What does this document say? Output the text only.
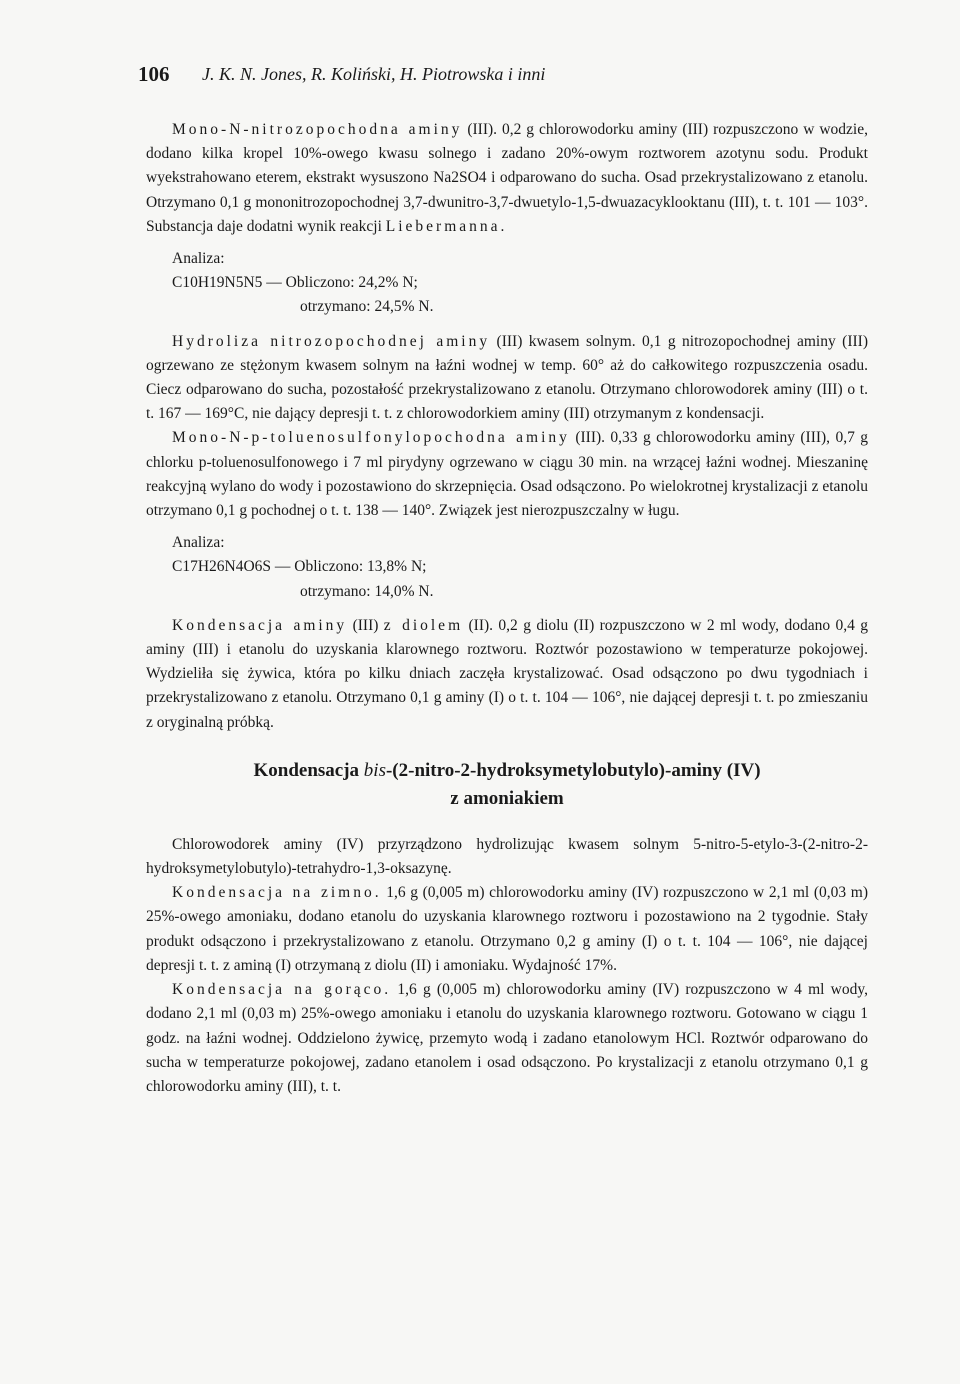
106 J. K. N. Jones, R. Koliński, H. Piotrowska i inni

Mono-N-nitrozopochodna aminy (III). 0,2 g chlorowodorku aminy (III) rozpuszczono w wodzie, dodano kilka kropel 10%-owego kwasu solnego i zadano 20%-owym roztworem azotynu sodu. Produkt wyekstrahowano eterem, ekstrakt wysuszono Na2SO4 i odparowano do sucha. Osad przekrystalizowano z etanolu. Otrzymano 0,1 g mononitrozopochodnej 3,7-dwunitro-3,7-dwuetylo-1,5-dwuazacyklooktanu (III), t. t. 101 — 103°. Substancja daje dodatni wynik reakcji Liebermanna.

Analiza:
C10H19N5N5 — Obliczono: 24,2% N;
otrzymano: 24,5% N.

Hydroliza nitrozopochodnej aminy (III) kwasem solnym. 0,1 g nitrozopochodnej aminy (III) ogrzewano ze stężonym kwasem solnym na łaźni wodnej w temp. 60° aż do całkowitego rozpuszczenia osadu. Ciecz odparowano do sucha, pozostałość przekrystalizowano z etanolu. Otrzymano chlorowodorek aminy (III) o t. t. 167 — 169°C, nie dający depresji t. t. z chlorowodorkiem aminy (III) otrzymanym z kondensacji.

Mono-N-p-toluenosulfonylopochodna aminy (III). 0,33 g chlorowodorku aminy (III), 0,7 g chlorku p-toluenosulfonowego i 7 ml pirydyny ogrzewano w ciągu 30 min. na wrzącej łaźni wodnej. Mieszaninę reakcyjną wylano do wody i pozostawiono do skrzepnięcia. Osad odsączono. Po wielokrotnej krystalizacji z etanolu otrzymano 0,1 g pochodnej o t. t. 138 — 140°. Związek jest nierozpuszczalny w ługu.

Analiza:
C17H26N4O6S — Obliczono: 13,8% N;
otrzymano: 14,0% N.

Kondensacja aminy (III) z diolem (II). 0,2 g diolu (II) rozpuszczono w 2 ml wody, dodano 0,4 g aminy (III) i etanolu do uzyskania klarownego roztworu. Roztwór pozostawiono w temperaturze pokojowej. Wydzieliła się żywica, która po kilku dniach zaczęła krystalizować. Osad odsączono po dwu tygodniach i przekrystalizowano z etanolu. Otrzymano 0,1 g aminy (I) o t. t. 104 — 106°, nie dającej depresji t. t. po zmieszaniu z oryginalną próbką.

Kondensacja bis-(2-nitro-2-hydroksymetylobutylo)-aminy (IV)
z amoniakiem

Chlorowodorek aminy (IV) przyrządzono hydrolizując kwasem solnym 5-nitro-5-etylo-3-(2-nitro-2-hydroksymetylobutylo)-tetrahydro-1,3-oksazynę.

Kondensacja na zimno. 1,6 g (0,005 m) chlorowodorku aminy (IV) rozpuszczono w 2,1 ml (0,03 m) 25%-owego amoniaku, dodano etanolu do uzyskania klarownego roztworu i pozostawiono na 2 tygodnie. Stały produkt odsączono i przekrystalizowano z etanolu. Otrzymano 0,2 g aminy (I) o t. t. 104 — 106°, nie dającej depresji t. t. z aminą (I) otrzymaną z diolu (II) i amoniaku. Wydajność 17%.

Kondensacja na gorąco. 1,6 g (0,005 m) chlorowodorku aminy (IV) rozpuszczono w 4 ml wody, dodano 2,1 ml (0,03 m) 25%-owego amoniaku i etanolu do uzyskania klarownego roztworu. Gotowano w ciągu 1 godz. na łaźni wodnej. Oddzielono żywicę, przemyto wodą i zadano etanolowym HCl. Roztwór odparowano do sucha w temperaturze pokojowej, zadano etanolem i osad odsączono. Po krystalizacji z etanolu otrzymano 0,1 g chlorowodorku aminy (III), t. t.
